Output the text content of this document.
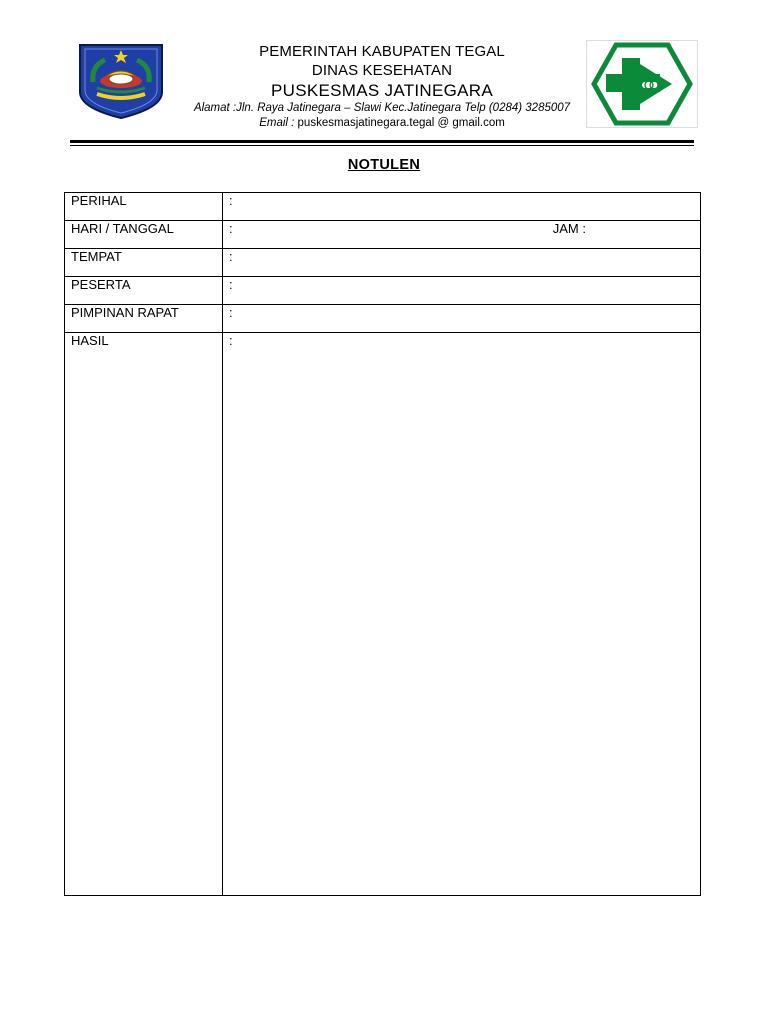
PEMERINTAH KABUPATEN TEGAL
DINAS KESEHATAN
PUSKESMAS JATINEGARA
Alamat :Jln. Raya Jatinegara – Slawi Kec.Jatinegara Telp (0284) 3285007
Email : puskesmasjatinegara.tegal @ gmail.com
NOTULEN
PERIHAL	:
HARI / TANGGAL	: JAM :

TEMPAT	:
PESERTA	:
PIMPINAN RAPAT	:
HASIL	:
